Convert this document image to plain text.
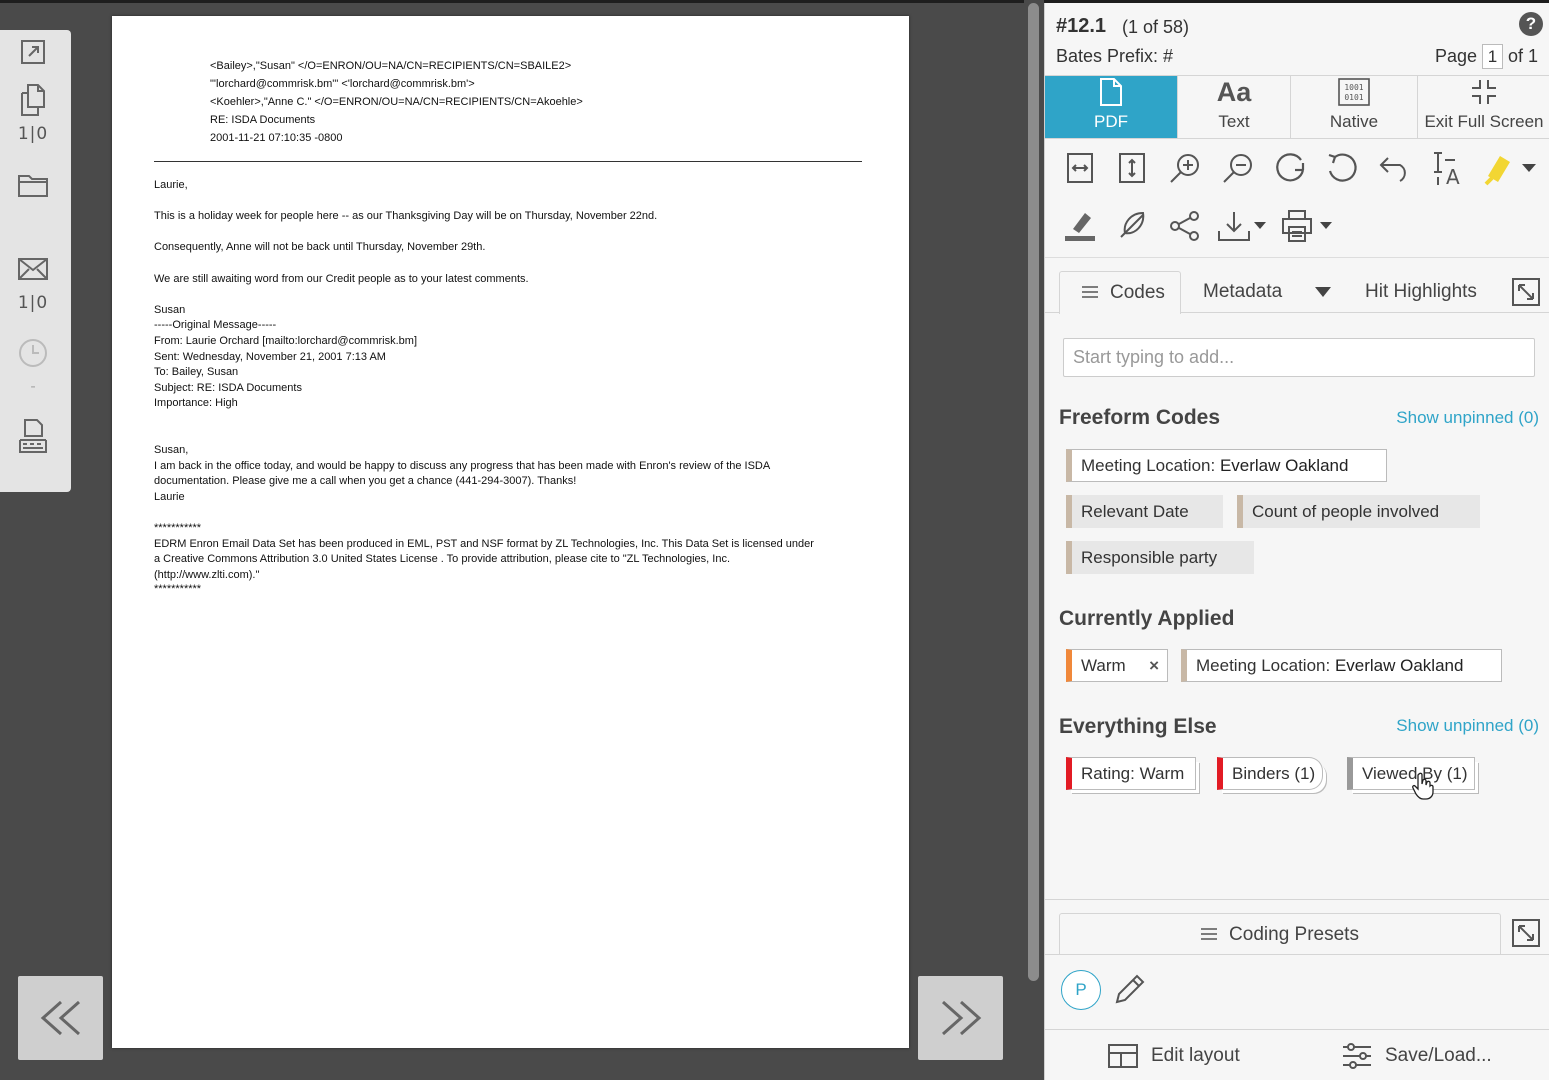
1|0
1|0
-
<Bailey>,"Susan" </O=ENRON/OU=NA/CN=RECIPIENTS/CN=SBAILE2>
"'lorchard@commrisk.bm'" <'lorchard@commrisk.bm'>
<Koehler>,"Anne C." </O=ENRON/OU=NA/CN=RECIPIENTS/CN=Akoehle>
RE: ISDA Documents
2001-11-21 07:10:35 -0800

Laurie,

This is a holiday week for people here -- as our Thanksgiving Day will be on Thursday, November 22nd.

Consequently, Anne will not be back until Thursday, November 29th.

We are still awaiting word from our Credit people as to your latest comments.

Susan

-----Original Message-----

From: Laurie Orchard [mailto:lorchard@commrisk.bm]

Sent: Wednesday, November 21, 2001 7:13 AM

To: Bailey, Susan

Subject: RE: ISDA Documents

Importance: High

Susan,

I am back in the office today, and would be happy to discuss any progress that has been made with Enron's review of the ISDA

documentation. Please give me a call when you get a chance (441-294-3007). Thanks!

Laurie

***********

EDRM Enron Email Data Set has been produced in EML, PST and NSF format by ZL Technologies, Inc. This Data Set is licensed under

a Creative Commons Attribution 3.0 United States License . To provide attribution, please cite to "ZL Technologies, Inc.

(http://www.zlti.com)."

***********

#12.1 (1 of 58)	?
Bates Prefix: #	Page 1 of 1
PDF
Aa
Text
1001
0101
Native	Exit Full Screen
A
Codes Metadata	Hit Highlights
Start typing to add...
Freeform Codes	Show unpinned (0)
Meeting Location: Everlaw Oakland
Relevant Date	Count of people involved
Responsible party
Currently Applied
Warm ×	Meeting Location: Everlaw Oakland
Everything Else	Show unpinned (0)
Rating: Warm	Binders (1)	Viewed By (1)
Coding Presets
P
Edit layout	Save/Load...
